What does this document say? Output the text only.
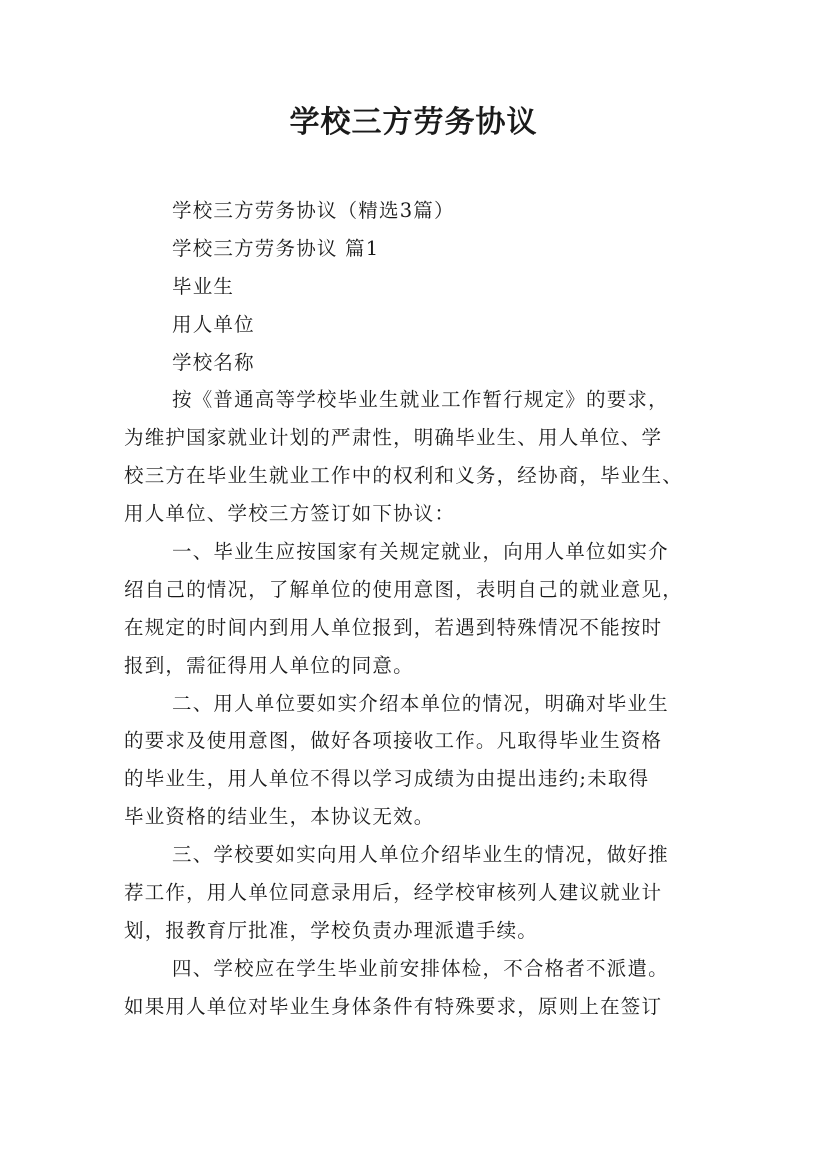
学校三方劳务协议
学校三方劳务协议（精选3篇）
学校三方劳务协议 篇1
毕业生
用人单位
学校名称
按《普通高等学校毕业生就业工作暂行规定》的要求，
为维护国家就业计划的严肃性，明确毕业生、用人单位、学
校三方在毕业生就业工作中的权利和义务，经协商，毕业生、
用人单位、学校三方签订如下协议：
一、毕业生应按国家有关规定就业，向用人单位如实介
绍自己的情况，了解单位的使用意图，表明自己的就业意见，
在规定的时间内到用人单位报到，若遇到特殊情况不能按时
报到，需征得用人单位的同意。
二、用人单位要如实介绍本单位的情况，明确对毕业生
的要求及使用意图，做好各项接收工作。凡取得毕业生资格
的毕业生，用人单位不得以学习成绩为由提出违约;未取得
毕业资格的结业生，本协议无效。
三、学校要如实向用人单位介绍毕业生的情况，做好推
荐工作，用人单位同意录用后，经学校审核列人建议就业计
划，报教育厅批准，学校负责办理派遣手续。
四、学校应在学生毕业前安排体检，不合格者不派遣。
如果用人单位对毕业生身体条件有特殊要求，原则上在签订
